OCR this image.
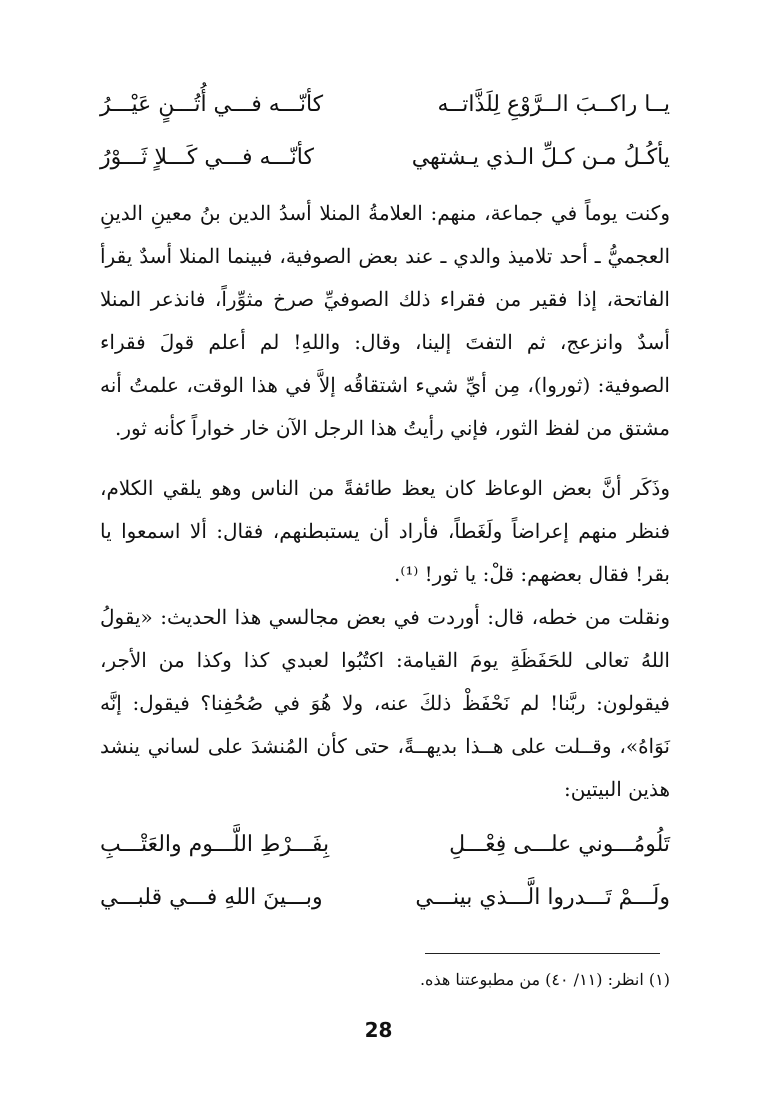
يــا راكــبَ الــرَّوْعِ لِلَذَّاتــه
كأنّـــه فـــي أُتُـــنٍ عَيْـــرُ
يأكُـلُ مـن كـلِّ الـذي يـشتهي
كأنّـــه فـــي كَـــلاٍ ثَـــوْرُ

وكنت يوماً في جماعة، منهم: العلامةُ المنلا أسدُ الدين بنُ معينِ الدينِ العجميُّ ـ أحد تلاميذ والدي ـ عند بعض الصوفية، فبينما المنلا أسدٌ يقرأ الفاتحة، إذا فقير من فقراء ذلك الصوفيِّ صرخ مثوِّراً، فانذعر المنلا أسدٌ وانزعج، ثم التفتَ إلينا، وقال: واللهِ! لم أعلم قولَ فقراء الصوفية: (ثوروا)، مِن أيِّ شيء اشتقاقُه إلاَّ في هذا الوقت، علمتُ أنه مشتق من لفظ الثور، فإني رأيتُ هذا الرجل الآن خار خواراً كأنه ثور.

وذَكَر أنَّ بعض الوعاظ كان يعظ طائفةً من الناس وهو يلقي الكلام، فنظر منهم إعراضاً ولَغَطاً، فأراد أن يستبطنهم، فقال: ألا اسمعوا يا بقر! فقال بعضهم: قلْ: يا ثور! ⁽¹⁾.

ونقلت من خطه، قال: أوردت في بعض مجالسي هذا الحديث: «يقولُ اللهُ تعالى للحَفَظَةِ يومَ القيامة: اكتُبُوا لعبدي كذا وكذا من الأجر، فيقولون: ربَّنا! لم نَحْفَظْ ذلكَ عنه، ولا هُوَ في صُحُفِنا؟ فيقول: إنَّه نَوَاهُ»، وقــلت على هــذا بديهــةً، حتى كأن المُنشدَ على لساني ينشد هذين البيتين:

تَلُومُـــوني علـــى فِعْـــلِ
بِفَـــرْطِ اللَّـــوم والعَتْـــبِ
ولَـــمْ تَـــدروا الَّـــذي بينـــي
وبـــينَ اللهِ فـــي قلبـــي
(١) انظر: (١١/ ٤٠) من مطبوعتنا هذه.
28
